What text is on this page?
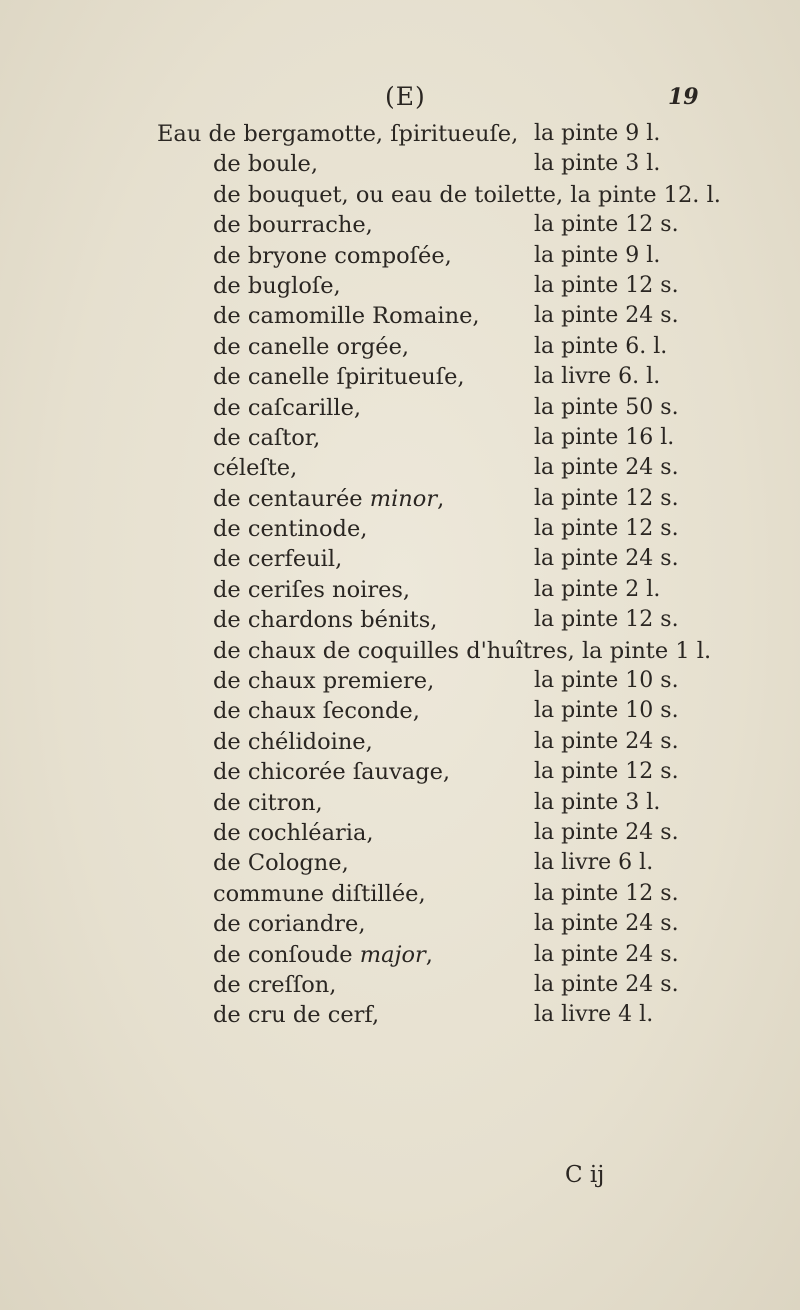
(E)	19
Eau de bergamotte, ſpiritueuſe, la pinte 9 l.
de boule,	la pinte 3 l.
de bouquet, ou eau de toilette, la pinte 12. l.
de bourrache,	la pinte 12 s.
de bryone compoſée,	la pinte 9 l.
de bugloſe,	la pinte 12 s.
de camomille Romaine, la pinte 24 s.
de canelle orgée,	la pinte 6. l.
de canelle ſpiritueuſe,	la livre 6. l.
de caſcarille,	la pinte 50 s.
de caſtor,	la pinte 16 l.
céleſte,	la pinte 24 s.
de centaurée minor,	la pinte 12 s.
de centinode,	la pinte 12 s.
de cerfeuil,	la pinte 24 s.
de ceriſes noires,	la pinte 2 l.
de chardons bénits,	la pinte 12 s.
de chaux de coquilles d'huîtres, la pinte 1 l.
de chaux premiere,	la pinte 10 s.
de chaux ſeconde,	la pinte 10 s.
de chélidoine,	la pinte 24 s.
de chicorée ſauvage,	la pinte 12 s.
de citron,	la pinte 3 l.
de cochléaria,	la pinte 24 s.
de Cologne,	la livre 6 l.
commune diſtillée,	la pinte 12 s.
de coriandre,	la pinte 24 s.
de conſoude major,	la pinte 24 s.
de creſſon,	la pinte 24 s.
de cru de cerf,	la livre 4 l.
C ij
